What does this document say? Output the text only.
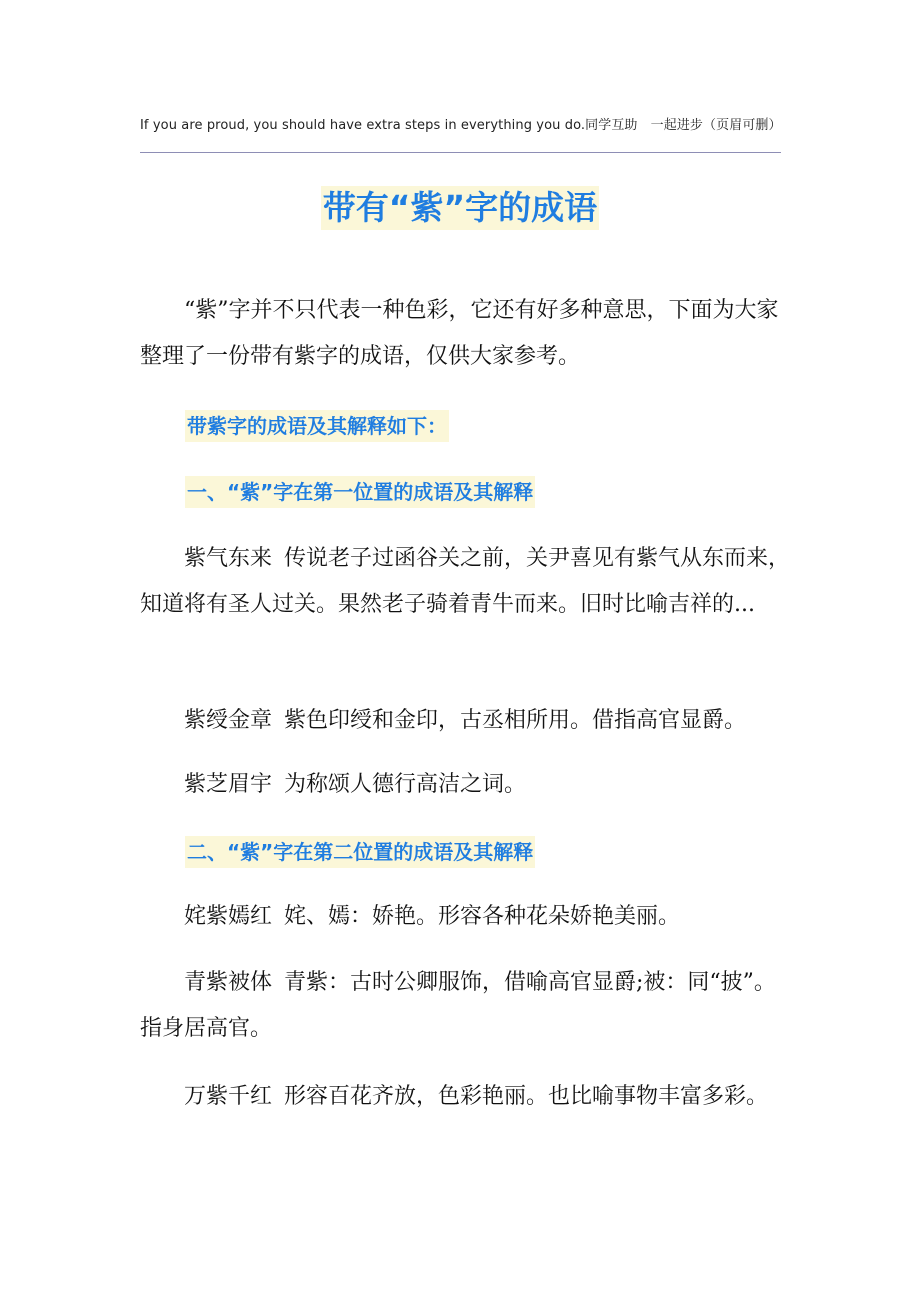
If you are proud, you should have extra steps in everything you do.同学互助　一起进步（页眉可删）
带有“紫”字的成语

“紫”字并不只代表一种色彩，它还有好多种意思，下面为大家整理了一份带有紫字的成语，仅供大家参考。

带紫字的成语及其解释如下：
一、“紫”字在第一位置的成语及其解释

紫气东来 传说老子过函谷关之前，关尹喜见有紫气从东而来，知道将有圣人过关。果然老子骑着青牛而来。旧时比喻吉祥的...

紫绶金章 紫色印绶和金印，古丞相所用。借指高官显爵。

紫芝眉宇 为称颂人德行高洁之词。

二、“紫”字在第二位置的成语及其解释

姹紫嫣红 姹、嫣：娇艳。形容各种花朵娇艳美丽。

青紫被体 青紫：古时公卿服饰，借喻高官显爵;被：同“披”。指身居高官。

万紫千红 形容百花齐放，色彩艳丽。也比喻事物丰富多彩。
